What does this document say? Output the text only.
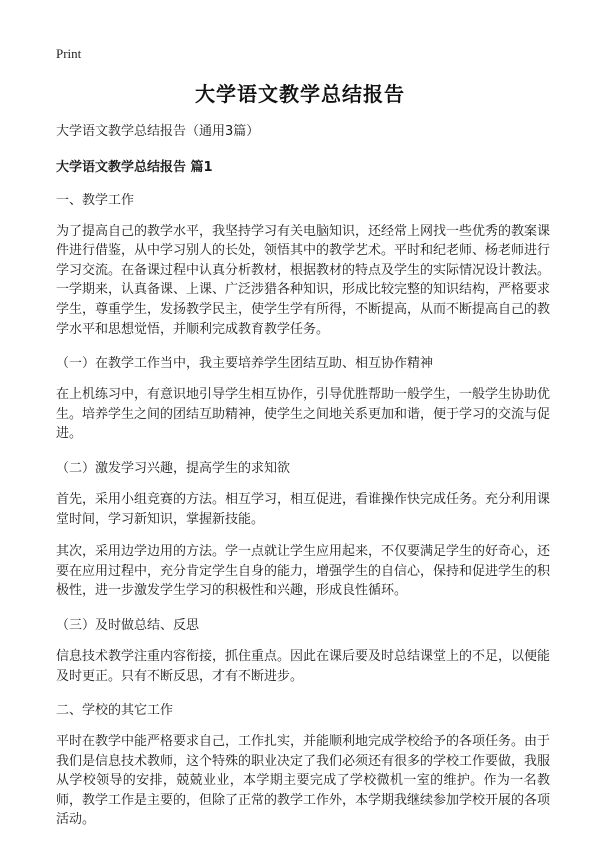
Print
大学语文教学总结报告
大学语文教学总结报告（通用3篇）
大学语文教学总结报告 篇1
一、教学工作
为了提高自己的教学水平，我坚持学习有关电脑知识，还经常上网找一些优秀的教案课件进行借鉴，从中学习别人的长处，领悟其中的教学艺术。平时和纪老师、杨老师进行学习交流。在备课过程中认真分析教材，根据教材的特点及学生的实际情况设计教法。一学期来，认真备课、上课、广泛涉猎各种知识，形成比较完整的知识结构，严格要求学生，尊重学生，发扬教学民主，使学生学有所得，不断提高，从而不断提高自己的教学水平和思想觉悟，并顺利完成教育教学任务。
（一）在教学工作当中，我主要培养学生团结互助、相互协作精神
在上机练习中，有意识地引导学生相互协作，引导优胜帮助一般学生，一般学生协助优生。培养学生之间的团结互助精神，使学生之间地关系更加和谐，便于学习的交流与促进。
（二）激发学习兴趣，提高学生的求知欲
首先，采用小组竞赛的方法。相互学习，相互促进，看谁操作快完成任务。充分利用课堂时间，学习新知识，掌握新技能。
其次，采用边学边用的方法。学一点就让学生应用起来，不仅要满足学生的好奇心，还要在应用过程中，充分肯定学生自身的能力，增强学生的自信心，保持和促进学生的积极性，进一步激发学生学习的积极性和兴趣，形成良性循环。
（三）及时做总结、反思
信息技术教学注重内容衔接，抓住重点。因此在课后要及时总结课堂上的不足，以便能及时更正。只有不断反思，才有不断进步。
二、学校的其它工作
平时在教学中能严格要求自己，工作扎实，并能顺利地完成学校给予的各项任务。由于我们是信息技术教师，这个特殊的职业决定了我们必须还有很多的学校工作要做，我服从学校领导的安排，兢兢业业，本学期主要完成了学校微机一室的维护。作为一名教师，教学工作是主要的，但除了正常的教学工作外，本学期我继续参加学校开展的各项活动。
